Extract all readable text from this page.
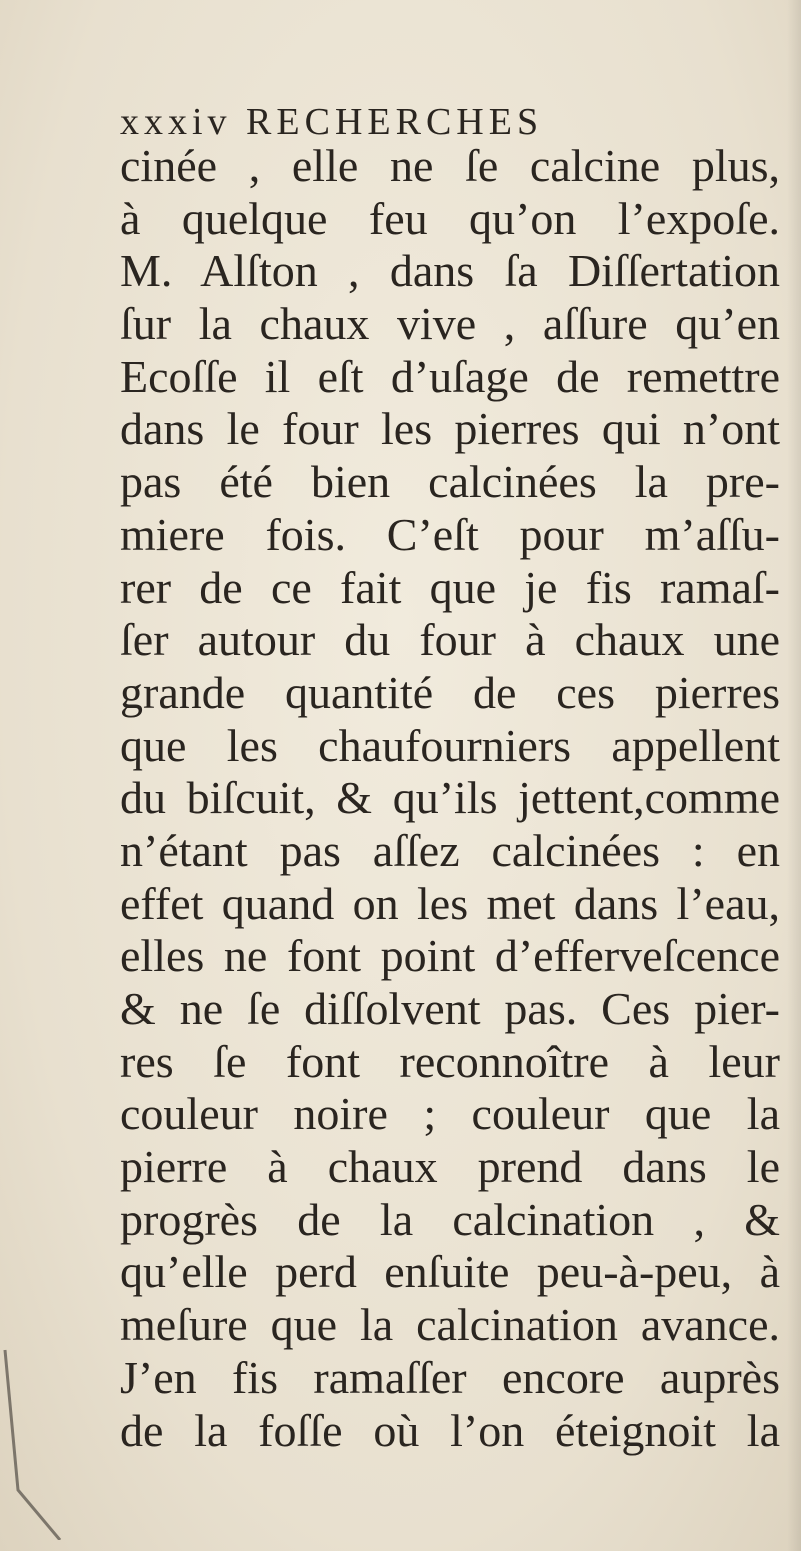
xxxiv RECHERCHES
cinée , elle ne ſe calcine plus,
à quelque feu qu’on l’expoſe.
M. Alſton , dans ſa Diſſertation
ſur la chaux vive , aſſure qu’en
Ecoſſe il eſt d’uſage de remettre
dans le four les pierres qui n’ont
pas été bien calcinées la pre-
miere fois. C’eſt pour m’aſſu-
rer de ce fait que je fis ramaſ-
ſer autour du four à chaux une
grande quantité de ces pierres
que les chaufourniers appellent
du biſcuit, & qu’ils jettent,comme
n’étant pas aſſez calcinées : en
effet quand on les met dans l’eau,
elles ne font point d’efferveſcence
& ne ſe diſſolvent pas. Ces pier-
res ſe font reconnoître à leur
couleur noire ; couleur que la
pierre à chaux prend dans le
progrès de la calcination , &
qu’elle perd enſuite peu-à-peu, à
meſure que la calcination avance.
J’en fis ramaſſer encore auprès
de la foſſe où l’on éteignoit la
